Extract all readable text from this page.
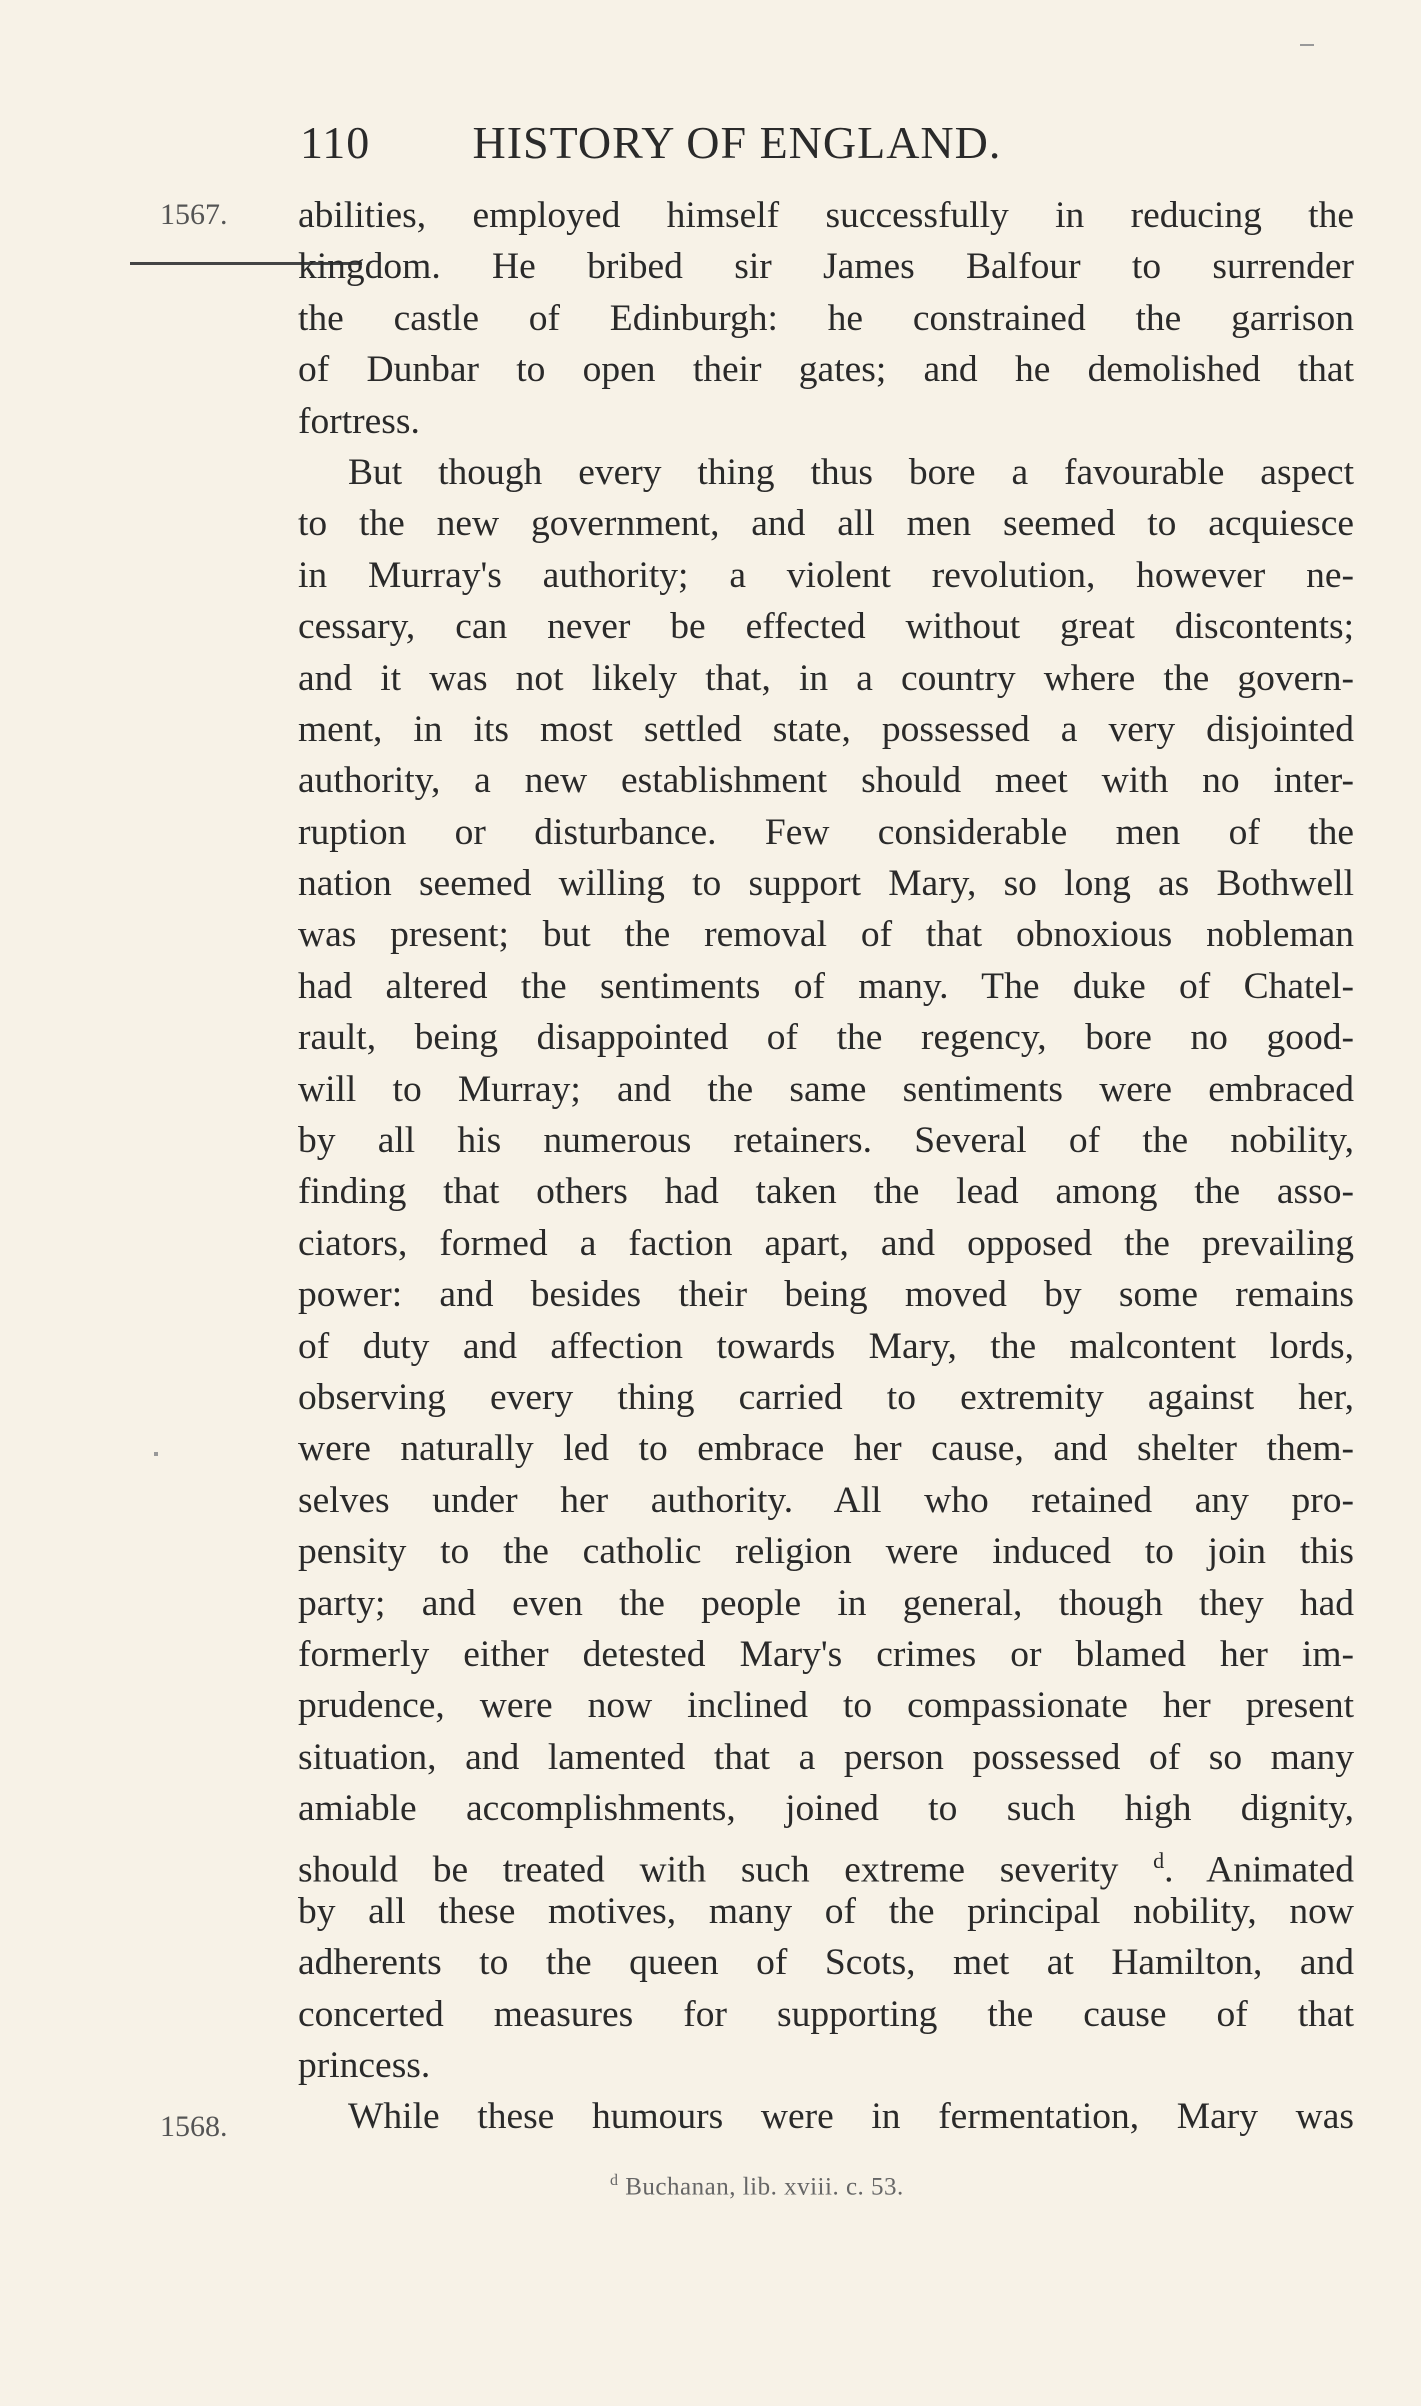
110 HISTORY OF ENGLAND.
1567.
1568.
abilities, employed himself successfully in reducing the
kingdom. He bribed sir James Balfour to surrender
the castle of Edinburgh: he constrained the garrison
of Dunbar to open their gates; and he demolished that
fortress.
But though every thing thus bore a favourable aspect
to the new government, and all men seemed to acquiesce
in Murray's authority; a violent revolution, however ne-
cessary, can never be effected without great discontents;
and it was not likely that, in a country where the govern-
ment, in its most settled state, possessed a very disjointed
authority, a new establishment should meet with no inter-
ruption or disturbance. Few considerable men of the
nation seemed willing to support Mary, so long as Bothwell
was present; but the removal of that obnoxious nobleman
had altered the sentiments of many. The duke of Chatel-
rault, being disappointed of the regency, bore no good-
will to Murray; and the same sentiments were embraced
by all his numerous retainers. Several of the nobility,
finding that others had taken the lead among the asso-
ciators, formed a faction apart, and opposed the prevailing
power: and besides their being moved by some remains
of duty and affection towards Mary, the malcontent lords,
observing every thing carried to extremity against her,
were naturally led to embrace her cause, and shelter them-
selves under her authority. All who retained any pro-
pensity to the catholic religion were induced to join this
party; and even the people in general, though they had
formerly either detested Mary's crimes or blamed her im-
prudence, were now inclined to compassionate her present
situation, and lamented that a person possessed of so many
amiable accomplishments, joined to such high dignity,
should be treated with such extreme severity $^d$. Animated
by all these motives, many of the principal nobility, now
adherents to the queen of Scots, met at Hamilton, and
concerted measures for supporting the cause of that
princess.
While these humours were in fermentation, Mary was
$^d$ Buchanan, lib. xviii. c. 53.
